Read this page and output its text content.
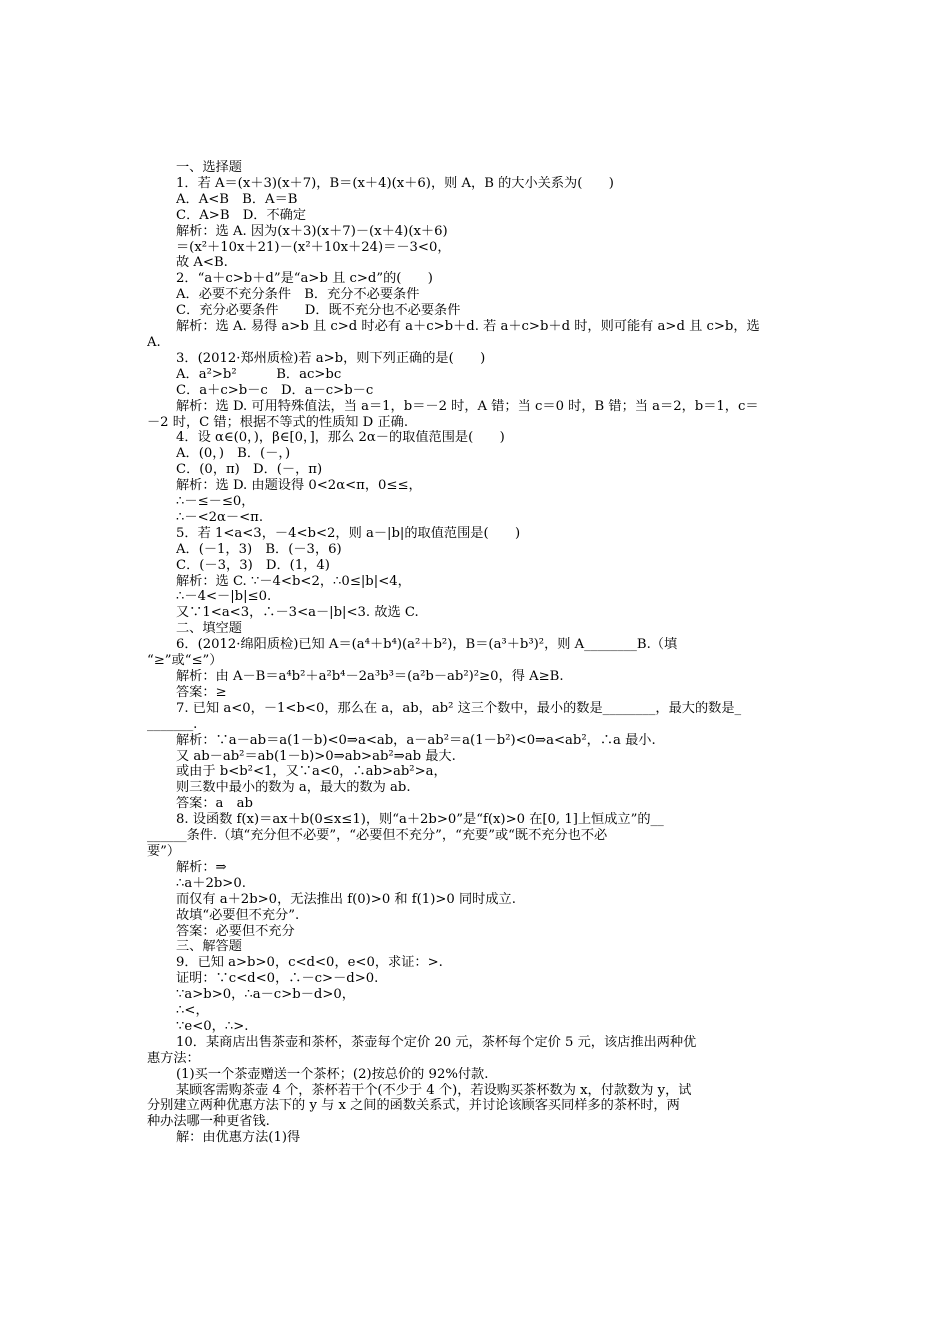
一、选择题
1．若 A＝(x＋3)(x＋7)，B＝(x＋4)(x＋6)，则 A，B 的大小关系为(　　)
A．A<B　B．A＝B
C．A>B　D．不确定
解析：选 A. 因为(x＋3)(x＋7)－(x＋4)(x＋6)
＝(x²＋10x＋21)－(x²＋10x＋24)＝－3<0，
故 A<B.
2．“a＋c>b＋d”是“a>b 且 c>d”的(　　)
A．必要不充分条件　B．充分不必要条件
C．充分必要条件　　D．既不充分也不必要条件
解析：选 A. 易得 a>b 且 c>d 时必有 a＋c>b＋d. 若 a＋c>b＋d 时，则可能有 a>d 且 c>b，选
A.
3．(2012·郑州质检)若 a>b，则下列正确的是(　　)
A．a²>b²　　　B．ac>bc
C．a＋c>b－c　D．a－c>b－c
解析：选 D. 可用特殊值法，当 a＝1，b＝－2 时，A 错；当 c＝0 时，B 错；当 a＝2，b＝1，c＝
－2 时，C 错；根据不等式的性质知 D 正确.
4．设 α∈(0，)，β∈[0，]，那么 2α－的取值范围是(　　)
A．(0，)　B．(－，)
C．(0，π)　D．(－，π)
解析：选 D. 由题设得 0<2α<π，0≤≤，
∴－≤－≤0，
∴－<2α－<π.
5．若 1<a<3，－4<b<2，则 a－|b|的取值范围是(　　)
A．(－1，3)　B．(－3，6)
C．(－3，3)　D．(1，4)
解析：选 C. ∵－4<b<2，∴0≤|b|<4，
∴－4<－|b|≤0.
又∵1<a<3，∴－3<a－|b|<3. 故选 C.
二、填空题
6．(2012·绵阳质检)已知 A＝(a⁴＋b⁴)(a²＋b²)，B＝(a³＋b³)²，则 A________B.（填
“≥”或“≤”）
解析：由 A－B＝a⁴b²＋a²b⁴－2a³b³＝(a²b－ab²)²≥0，得 A≥B.
答案：≥
7. 已知 a<0，－1<b<0，那么在 a，ab，ab² 这三个数中，最小的数是________，最大的数是_
_______.
解析：∵a－ab＝a(1－b)<0⇒a<ab，a－ab²＝a(1－b²)<0⇒a<ab²，∴a 最小.
又 ab－ab²＝ab(1－b)>0⇒ab>ab²⇒ab 最大.
或由于 b<b²<1，又∵a<0，∴ab>ab²>a，
则三数中最小的数为 a，最大的数为 ab.
答案：a　ab
8. 设函数 f(x)＝ax＋b(0≤x≤1)，则“a＋2b>0”是“f(x)>0 在[0, 1]上恒成立”的__
______条件.（填“充分但不必要”，“必要但不充分”，“充要”或“既不充分也不必
要”）
解析：⇒
∴a＋2b>0.
而仅有 a＋2b>0，无法推出 f(0)>0 和 f(1)>0 同时成立.
故填“必要但不充分”.
答案：必要但不充分
三、解答题
9．已知 a>b>0，c<d<0，e<0，求证：>.
证明：∵c<d<0，∴－c>－d>0.
∵a>b>0，∴a－c>b－d>0，
∴<，
∵e<0，∴>.
10．某商店出售茶壶和茶杯，茶壶每个定价 20 元，茶杯每个定价 5 元，该店推出两种优
惠方法：
(1)买一个茶壶赠送一个茶杯；(2)按总价的 92%付款.
某顾客需购茶壶 4 个，茶杯若干个(不少于 4 个)，若设购买茶杯数为 x，付款数为 y，试
分别建立两种优惠方法下的 y 与 x 之间的函数关系式，并讨论该顾客买同样多的茶杯时，两
种办法哪一种更省钱.
解：由优惠方法(1)得
